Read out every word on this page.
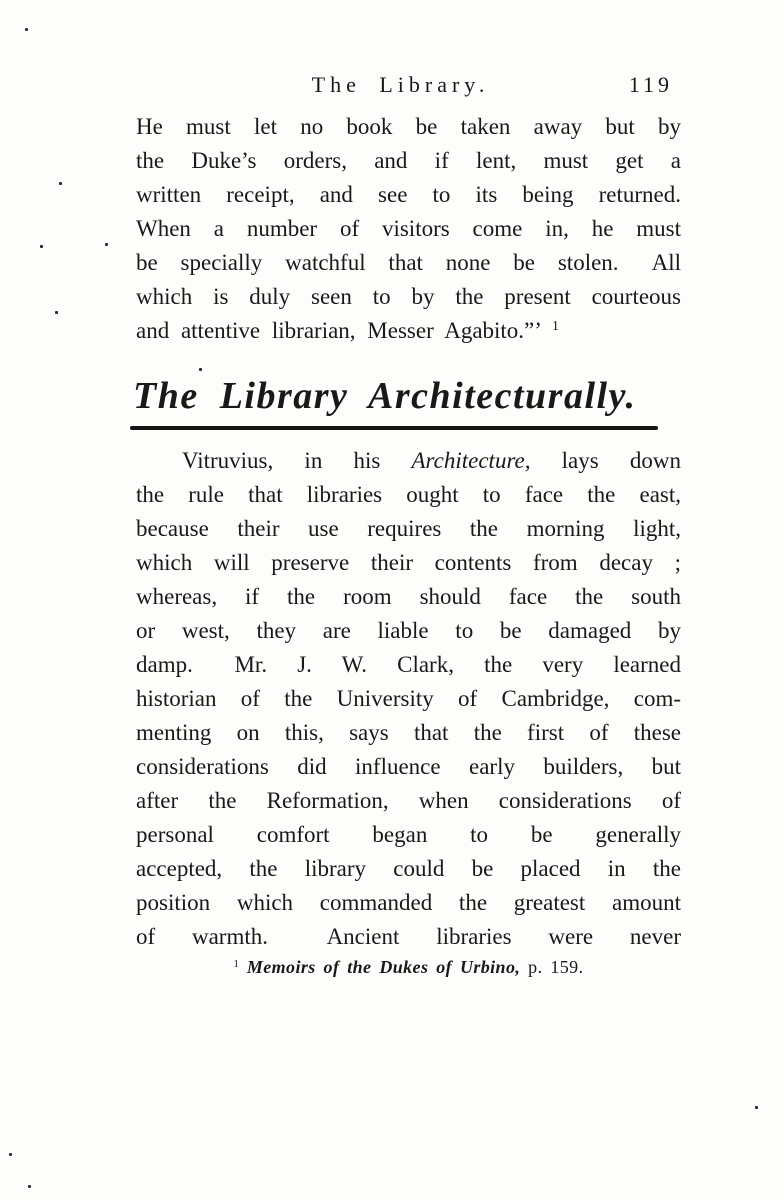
The Library.	119
He must let no book be taken away but by
the Duke’s orders, and if lent, must get a
written receipt, and see to its being returned.
When a number of visitors come in, he must
be specially watchful that none be stolen.  All
which is duly seen to by the present courteous
and attentive librarian, Messer Agabito.”’ $^1$
The Library Architecturally.
Vitruvius, in his Architecture, lays down
the rule that libraries ought to face the east,
because their use requires the morning light,
which will preserve their contents from decay ;
whereas, if the room should face the south
or west, they are liable to be damaged by
damp.  Mr. J. W. Clark, the very learned
historian of the University of Cambridge, com-
menting on this, says that the first of these
considerations did influence early builders, but
after the Reformation, when considerations of
personal comfort began to be generally
accepted, the library could be placed in the
position which commanded the greatest amount
of warmth.   Ancient libraries were never
$^1$ Memoirs of the Dukes of Urbino, p. 159.
